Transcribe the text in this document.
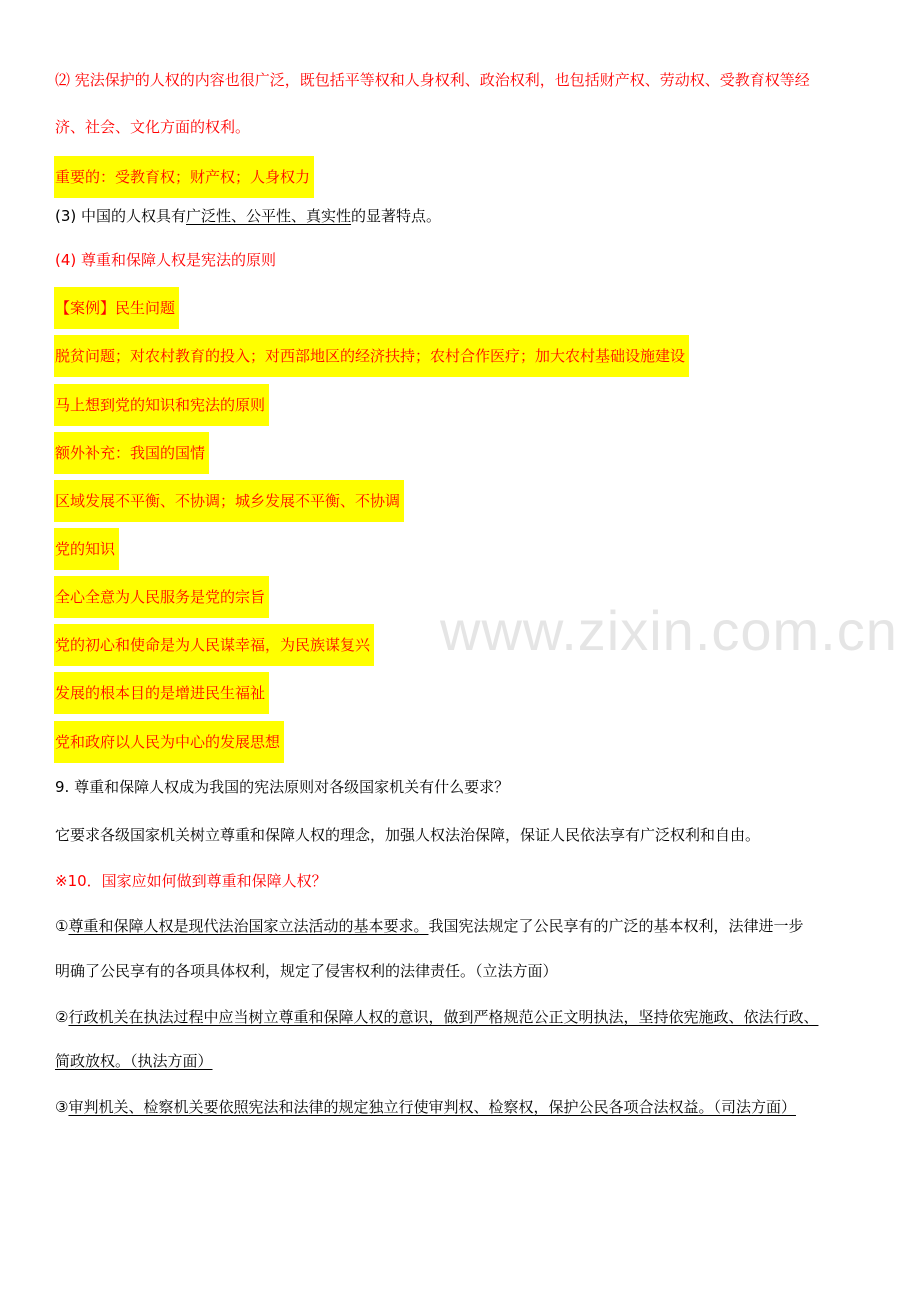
www.zixin.com.cn
⑵ 宪法保护的人权的内容也很广泛，既包括平等权和人身权利、政治权利，也包括财产权、劳动权、受教育权等经
济、社会、文化方面的权利。
重要的：受教育权；财产权；人身权力
(3) 中国的人权具有广泛性、公平性、真实性的显著特点。
(4) 尊重和保障人权是宪法的原则
【案例】民生问题
脱贫问题；对农村教育的投入；对西部地区的经济扶持；农村合作医疗；加大农村基础设施建设
马上想到党的知识和宪法的原则
额外补充：我国的国情
区域发展不平衡、不协调；城乡发展不平衡、不协调
党的知识
全心全意为人民服务是党的宗旨
党的初心和使命是为人民谋幸福，为民族谋复兴
发展的根本目的是增进民生福祉
党和政府以人民为中心的发展思想
9. 尊重和保障人权成为我国的宪法原则对各级国家机关有什么要求？
它要求各级国家机关树立尊重和保障人权的理念，加强人权法治保障，保证人民依法享有广泛权利和自由。
※10．国家应如何做到尊重和保障人权？
①尊重和保障人权是现代法治国家立法活动的基本要求。我国宪法规定了公民享有的广泛的基本权利，法律进一步
明确了公民享有的各项具体权利，规定了侵害权利的法律责任。（立法方面）
②行政机关在执法过程中应当树立尊重和保障人权的意识，做到严格规范公正文明执法，坚持依宪施政、依法行政、
简政放权。（执法方面）
③审判机关、检察机关要依照宪法和法律的规定独立行使审判权、检察权，保护公民各项合法权益。（司法方面）
